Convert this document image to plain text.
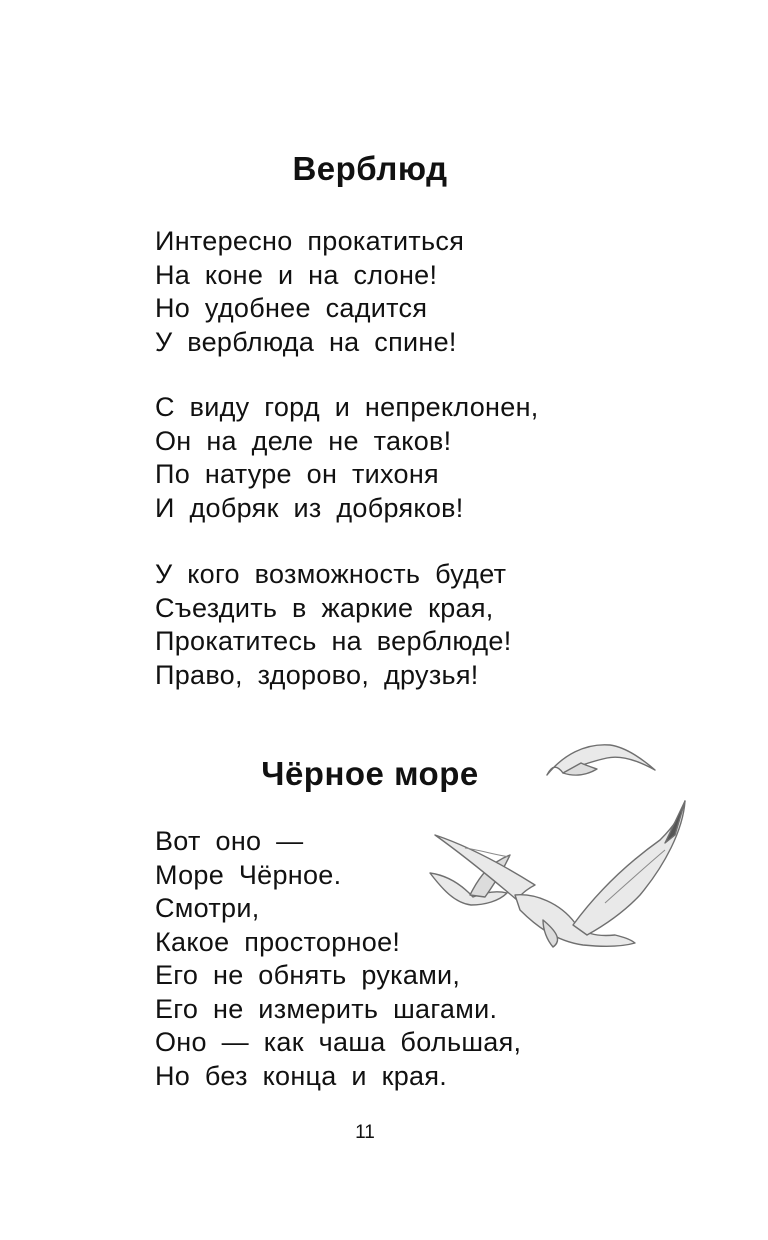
Верблюд
Интересно прокатиться
На коне и на слоне!
Но удобнее садится
У верблюда на спине!
С виду горд и непреклонен,
Он на деле не таков!
По натуре он тихоня
И добряк из добряков!
У кого возможность будет
Съездить в жаркие края,
Прокатитесь на верблюде!
Право, здорово, друзья!
Чёрное море
Вот оно —
Море Чёрное.
Смотри,
Какое просторное!
Его не обнять руками,
Его не измерить шагами.
Оно — как чаша большая,
Но без конца и края.
11
